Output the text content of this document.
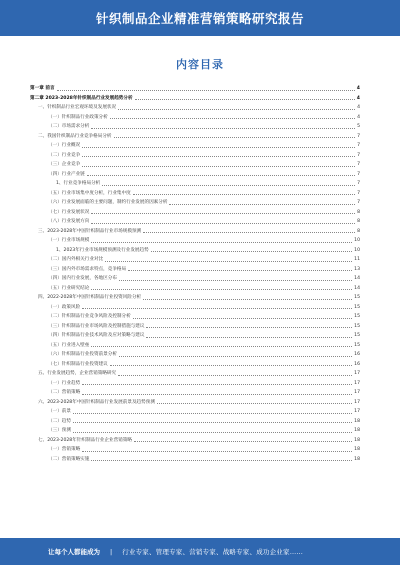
针织制品企业精准营销策略研究报告
内容目录
第一章 前言	4
第二章 2023-2028年针织制品行业发展趋势分析	4
一、针织制品行业宏观环境及发展状况	4
（一）针织制品行业政策分析	4
（二）市场需求分析	5
二、我国针织制品行业竞争格局分析	7
（一）行业概况	7
（二）行业竞争	7
（三）企业竞争	7
（四）行业产业链	7
1、行业竞争格局分析	7
（五）行业市场集中度分析，行业集中度	7
（六）行业发展面临的主要问题，制约行业发展的因素分析	7
（七）行业发展状况	8
（八）行业发展方向	8
三、2023-2028年中国针织制品行业市场规模预测	8
（一）行业市场规模	10
1、2023年行业市场规模预测及行业发展趋势	10
（二）国内外相关行业对比	11
（三）国内外市场需求特点，竞争格局	13
（四）国内行业发展，各地区分布	14
（五）行业研究结论	14
四、2022-2028年中国针织制品行业投资风险分析	15
（一）政策风险	15
（二）针织制品行业竞争风险及控制分析	15
（三）针织制品行业市场风险及控制措施与建议	15
（四）针织制品行业技术风险及应对策略与建议	15
（五）行业进入壁垒	15
（六）针织制品行业投资前景分析	16
（七）针织制品行业投资建议	16
五、行业发展趋势，企业营销策略研究	17
（一）行业趋势	17
（二）营销策略	17
六、2023-2028年中国针织制品行业发展前景及趋势预测	17
（一）前景	17
（二）趋势	18
（三）预测	18
七、2023-2028年针织制品行业企业营销策略	18
（一）营销策略	18
（二）营销策略实施	18
让每个人都能成为	|	行业专家、管理专家、营销专家、战略专家、成功企业家……
